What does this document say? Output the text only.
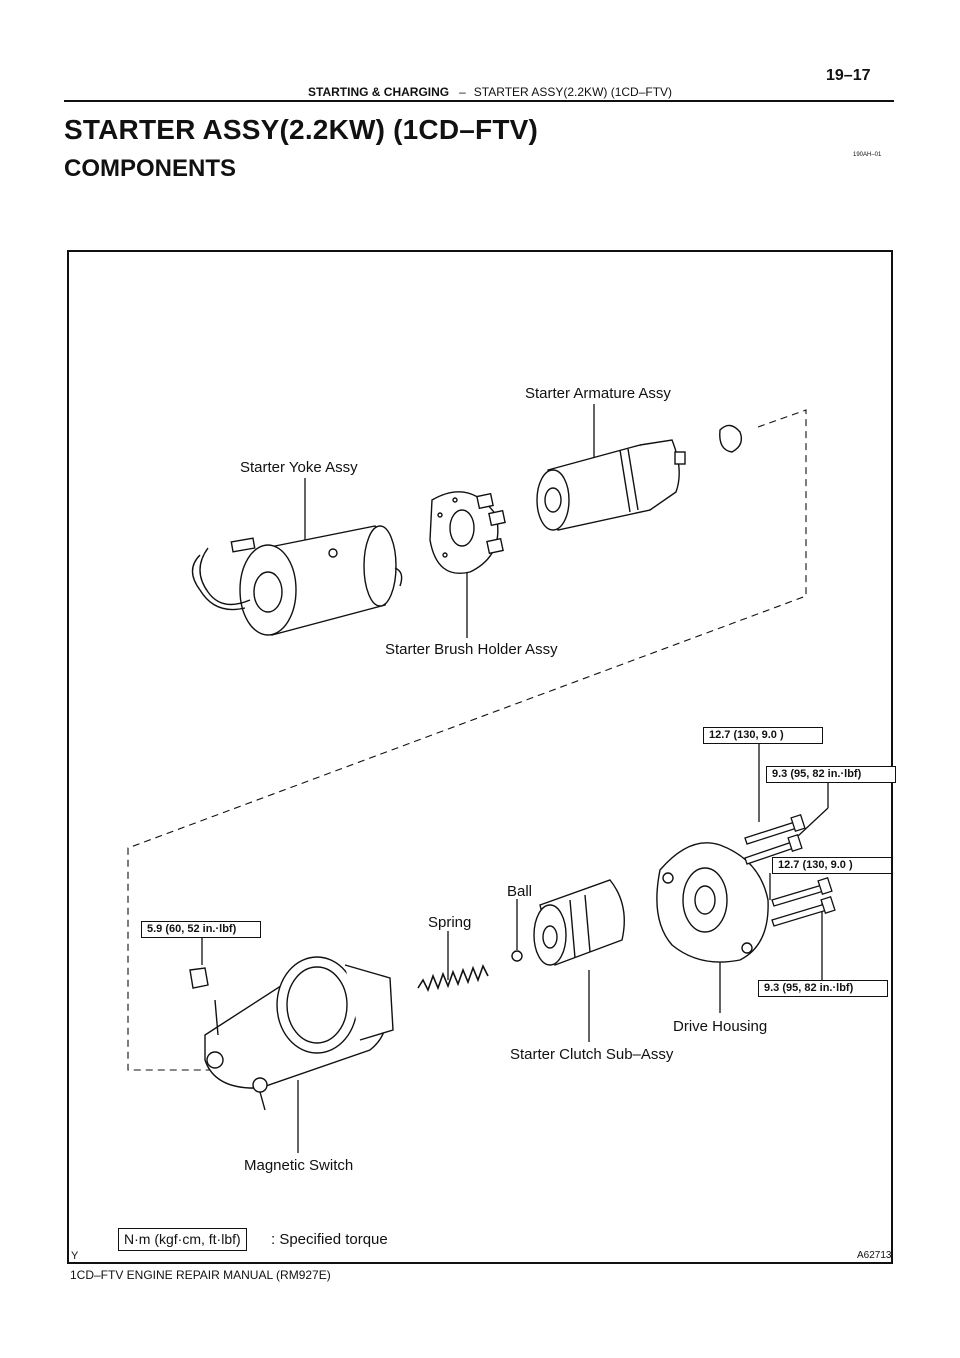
19–17
STARTING & CHARGING – STARTER ASSY(2.2KW) (1CD–FTV)
STARTER ASSY(2.2KW) (1CD–FTV)
COMPONENTS	190AH–01
Starter Armature Assy
Starter Yoke Assy
Starter Brush Holder Assy
Spring
Ball
Drive Housing
Starter Clutch Sub–Assy
Magnetic Switch
12.7 (130, 9.0 )
9.3 (95, 82 in.·lbf)
12.7 (130, 9.0 )
9.3 (95, 82 in.·lbf)
5.9 (60, 52 in.·lbf)
N·m (kgf·cm, ft·lbf)	: Specified torque
Y	A62713
1CD–FTV ENGINE REPAIR MANUAL (RM927E)
